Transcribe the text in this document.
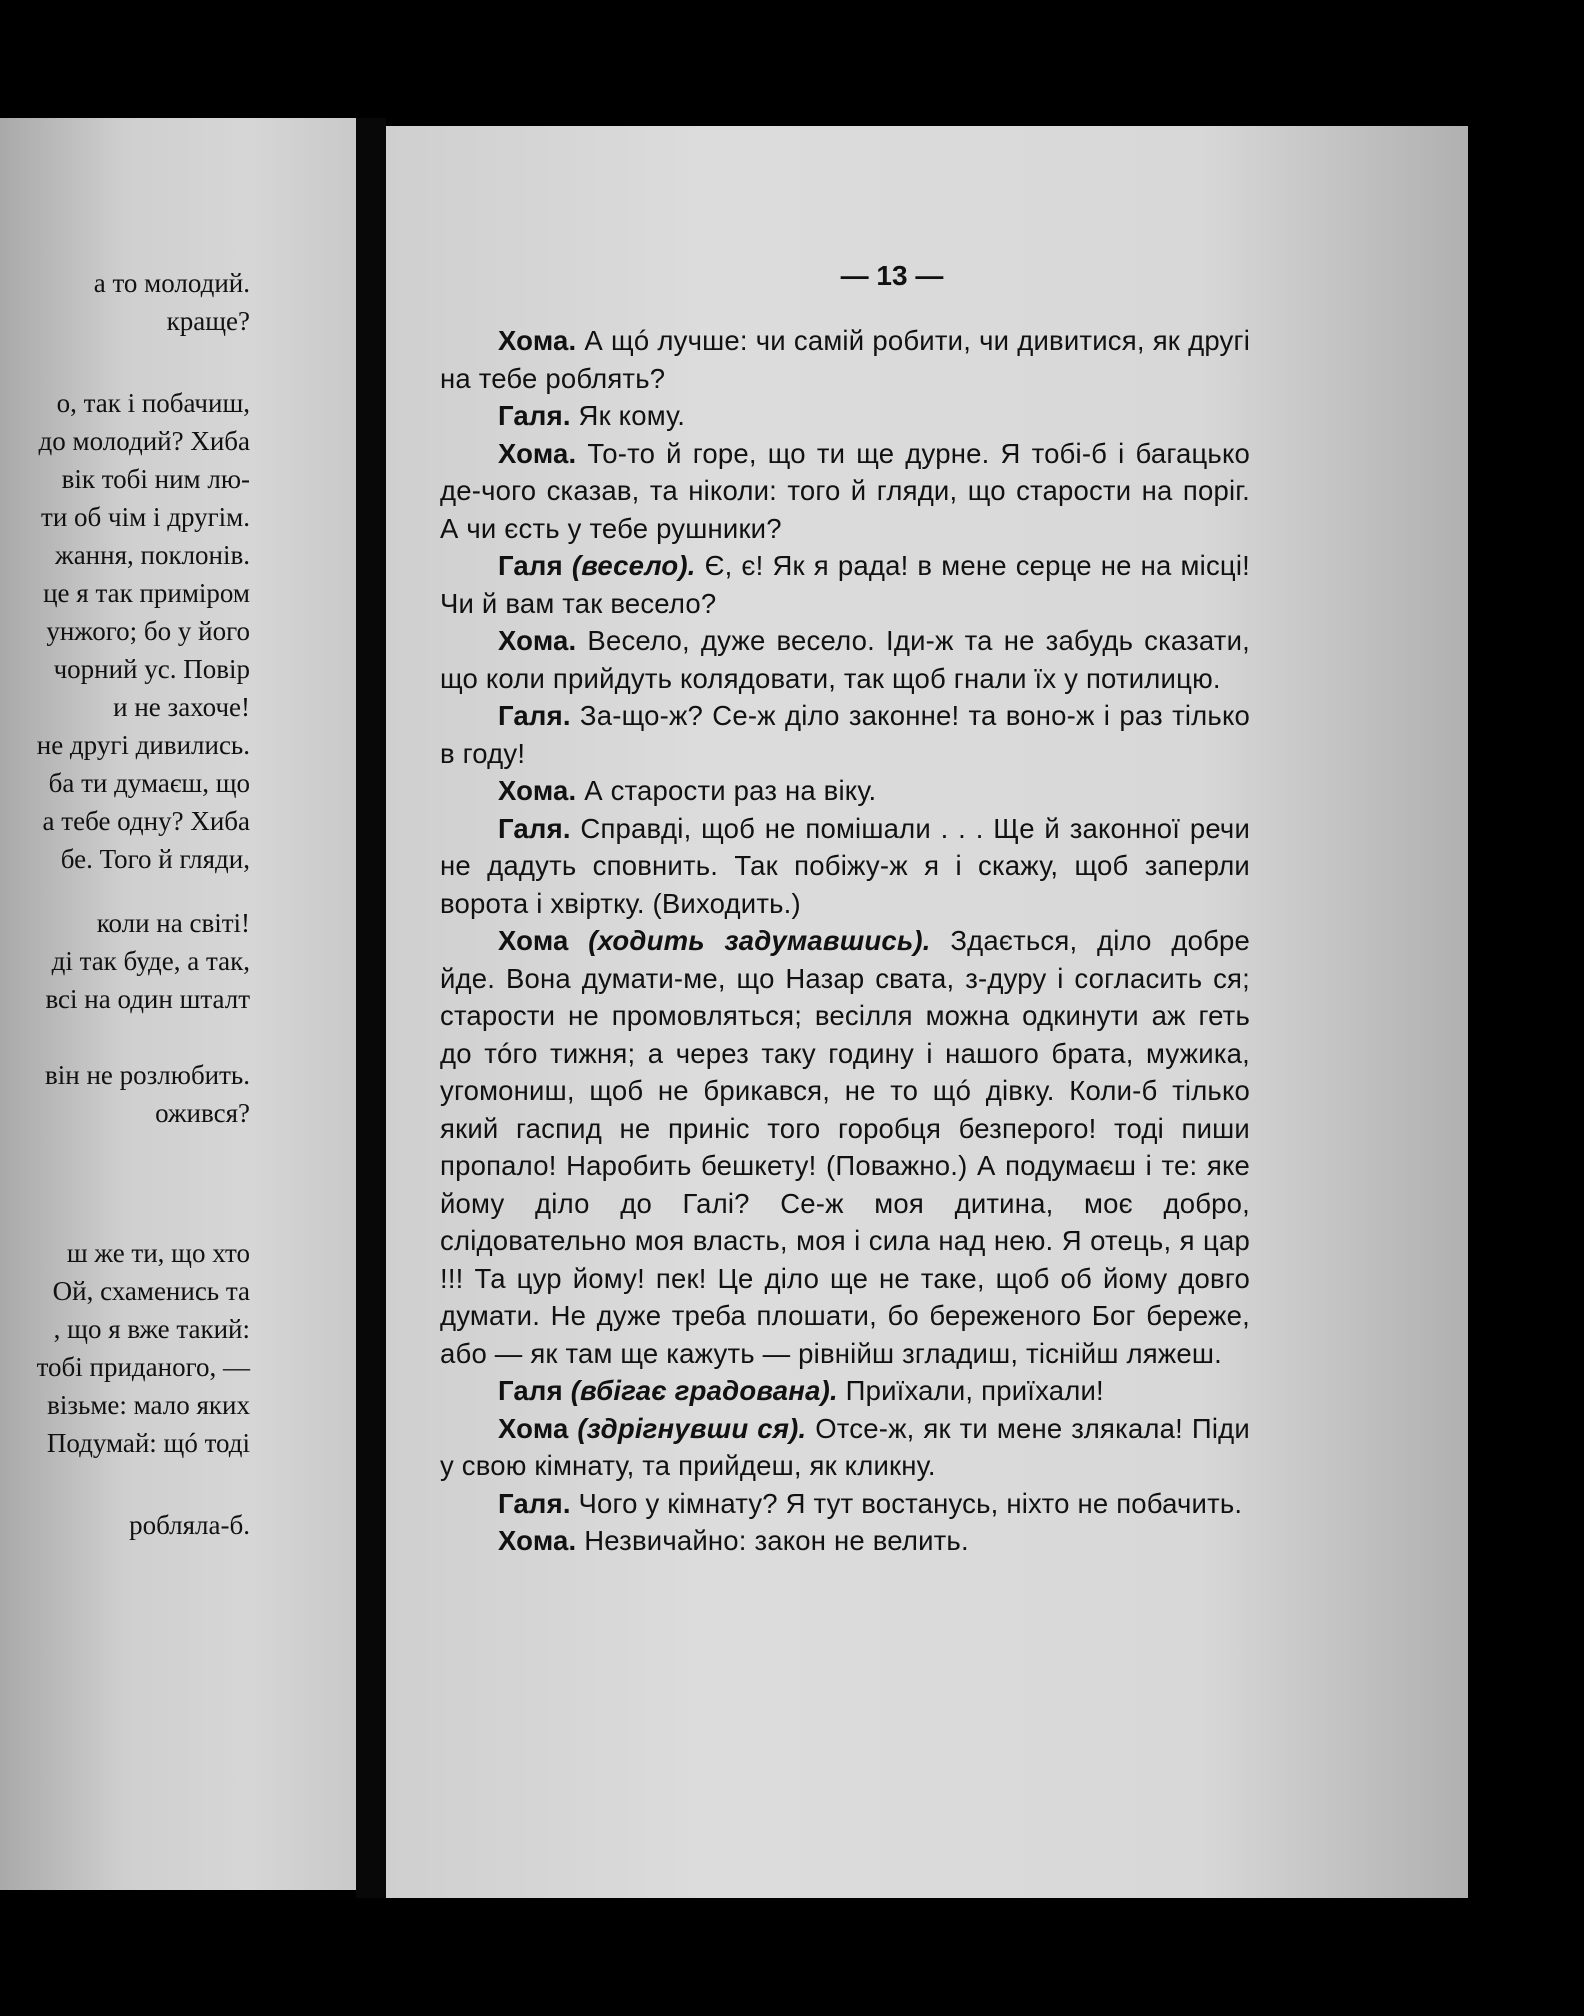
а то молодий.
краще?
о, так і побачиш,
до молодий? Хиба
вік тобі ним лю-
ти об чім і другім.
жання, поклонів.
це я так приміром
унжого; бо у його
чорний ус. Повір
и не захоче!
не другі дивились.
ба ти думаєш, що
а тебе одну? Хиба
бе. Того й гляди,
коли на світі!
ді так буде, а так,
всі на один шталт
він не розлюбить.
ожився?
ш же ти, що хто
Ой, схаменись та
, що я вже такий:
тобі приданого, —
візьме: мало яких
Подумай: щó тоді
робляла-б.
— 13 —

Хома. А щó лучше: чи самій робити, чи дивитися, як другі на тебе роблять?

Галя. Як кому.

Хома. То-то й горе, що ти ще дурне. Я тобі-б і багацько де-чого сказав, та ніколи: того й гляди, що старости на поріг. А чи єсть у тебе рушники?

Галя (весело). Є, є! Як я рада! в мене серце не на місці! Чи й вам так весело?

Хома. Весело, дуже весело. Іди-ж та не забудь сказати, що коли прийдуть колядовати, так щоб гнали їх у потилицю.

Галя. За-що-ж? Се-ж діло законне! та воно-ж і раз тілько в году!

Хома. А старости раз на віку.

Галя. Справді, щоб не помішали . . . Ще й законної речи не дадуть сповнить. Так побіжу-ж я і скажу, щоб заперли ворота і хвіртку. (Виходить.)

Хома (ходить задумавшись). Здається, діло добре йде. Вона думати-ме, що Назар свата, з-дуру і согласить ся; старости не промовляться; весілля можна одкинути аж геть до тóго тижня; а через таку годину і нашого брата, мужика, угомониш, щоб не брикався, не то щó дівку. Коли-б тілько який гаспид не приніс того горобця безперого! тоді пиши пропало! Наробить бешкету! (Поважно.) А подумаєш і те: яке йому діло до Галі? Се-ж моя дитина, моє добро, слідовательно моя власть, моя і сила над нею. Я отець, я цар !!! Та цур йому! пек! Це діло ще не таке, щоб об йому довго думати. Не дуже треба плошати, бо береженого Бог береже, або — як там ще кажуть — рівнійш згладиш, тіснійш ляжеш.

Галя (вбігає градована). Приїхали, приїхали!

Хома (здрігнувши ся). Отсе-ж, як ти мене злякала! Піди у свою кімнату, та прийдеш, як кликну.

Галя. Чого у кімнату? Я тут востанусь, ніхто не побачить.

Хома. Незвичайно: закон не велить.
